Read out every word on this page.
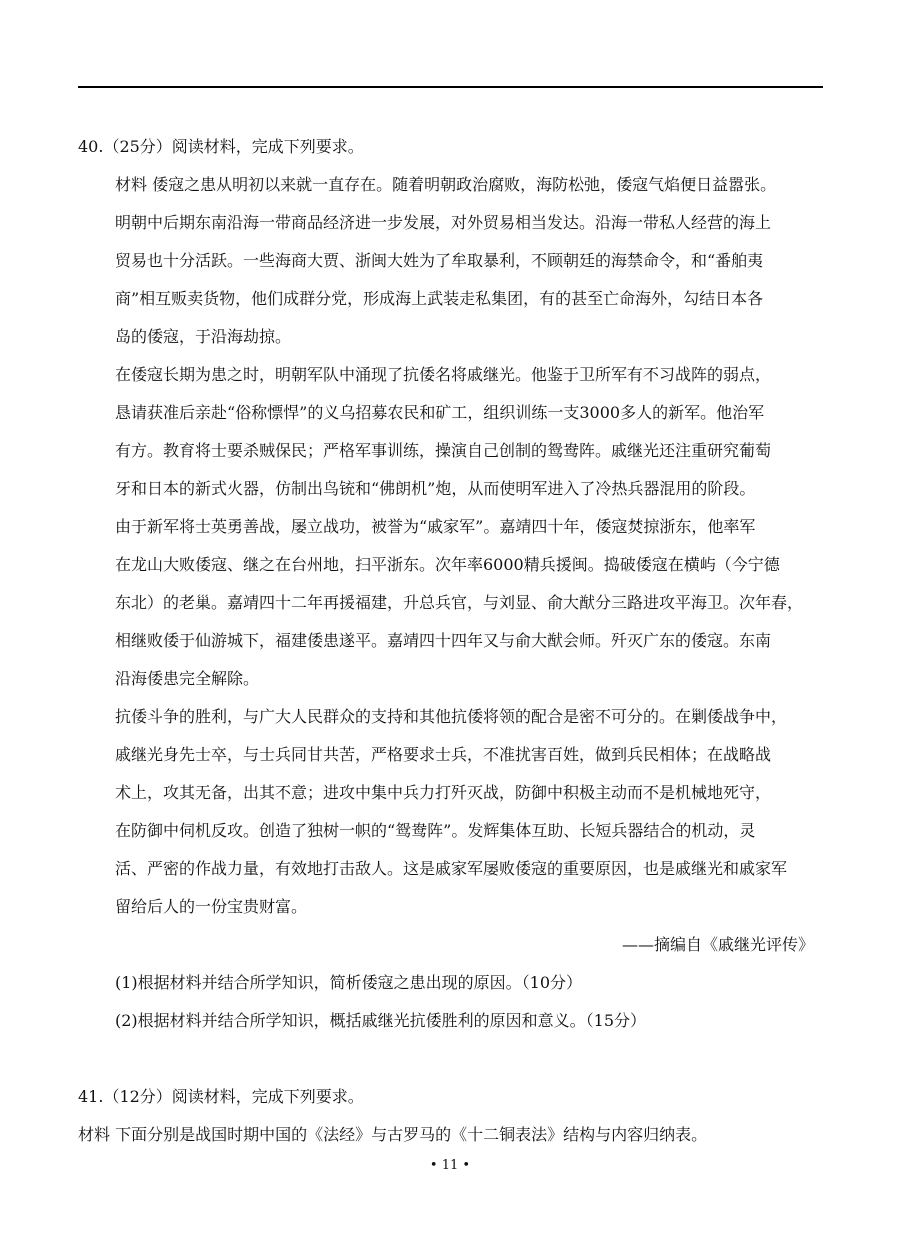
40.（25分）阅读材料，完成下列要求。
材料 倭寇之患从明初以来就一直存在。随着明朝政治腐败，海防松弛，倭寇气焰便日益嚣张。
明朝中后期东南沿海一带商品经济进一步发展，对外贸易相当发达。沿海一带私人经营的海上
贸易也十分活跃。一些海商大贾、浙闽大姓为了牟取暴利，不顾朝廷的海禁命令，和“番舶夷
商”相互贩卖货物，他们成群分党，形成海上武装走私集团，有的甚至亡命海外，勾结日本各
岛的倭寇，于沿海劫掠。
在倭寇长期为患之时，明朝军队中涌现了抗倭名将戚继光。他鉴于卫所军有不习战阵的弱点，
恳请获准后亲赴“俗称慓悍”的义乌招募农民和矿工，组织训练一支3000多人的新军。他治军
有方。教育将士要杀贼保民；严格军事训练，操演自己创制的鸳鸯阵。戚继光还注重研究葡萄
牙和日本的新式火器，仿制出鸟铳和“佛朗机”炮，从而使明军进入了冷热兵器混用的阶段。
由于新军将士英勇善战，屡立战功，被誉为“戚家军”。嘉靖四十年，倭寇焚掠浙东，他率军
在龙山大败倭寇、继之在台州地，扫平浙东。次年率6000精兵援闽。捣破倭寇在横屿（今宁德
东北）的老巢。嘉靖四十二年再援福建，升总兵官，与刘显、俞大猷分三路进攻平海卫。次年春，
相继败倭于仙游城下，福建倭患遂平。嘉靖四十四年又与俞大猷会师。歼灭广东的倭寇。东南
沿海倭患完全解除。
抗倭斗争的胜利，与广大人民群众的支持和其他抗倭将领的配合是密不可分的。在剿倭战争中，
戚继光身先士卒，与士兵同甘共苦，严格要求士兵，不准扰害百姓，做到兵民相体；在战略战
术上，攻其无备，出其不意；进攻中集中兵力打歼灭战，防御中积极主动而不是机械地死守，
在防御中伺机反攻。创造了独树一帜的“鸳鸯阵”。发辉集体互助、长短兵器结合的机动，灵
活、严密的作战力量，有效地打击敌人。这是戚家军屡败倭寇的重要原因，也是戚继光和戚家军
留给后人的一份宝贵财富。
——摘编自《戚继光评传》
(1)根据材料并结合所学知识，简析倭寇之患出现的原因。（10分）
(2)根据材料并结合所学知识，概括戚继光抗倭胜利的原因和意义。（15分）
41.（12分）阅读材料，完成下列要求。
材料 下面分别是战国时期中国的《法经》与古罗马的《十二铜表法》结构与内容归纳表。
• 11 •
